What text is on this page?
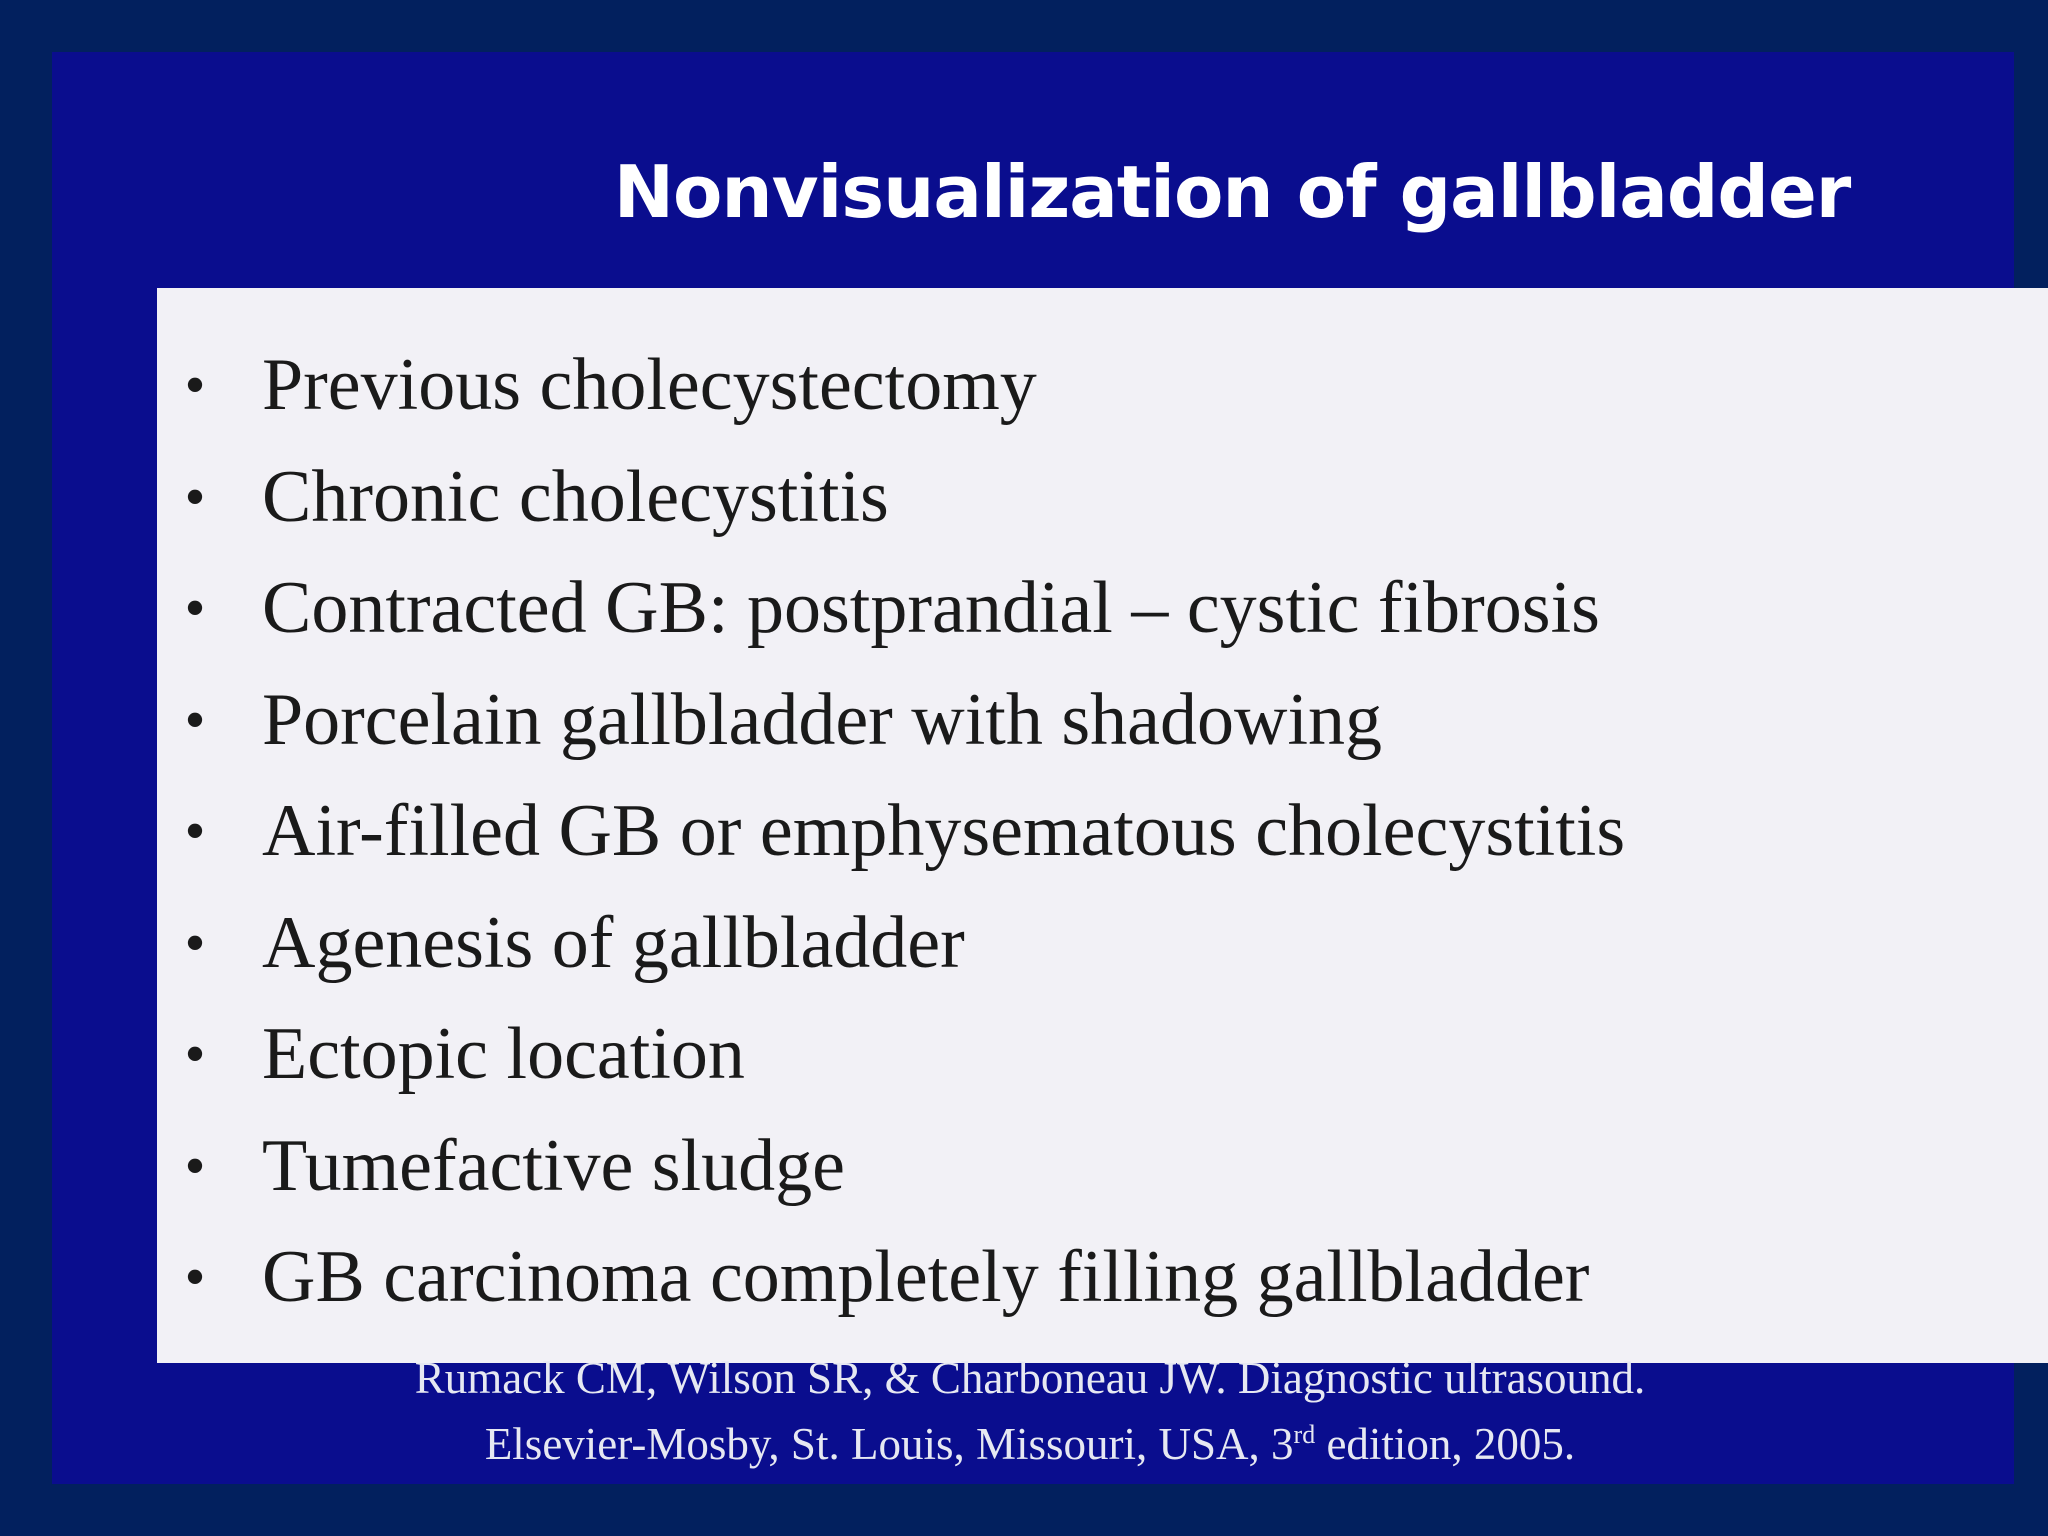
Nonvisualization of gallbladder
• Previous cholecystectomy
• Chronic cholecystitis
• Contracted GB: postprandial – cystic fibrosis
• Porcelain gallbladder with shadowing
• Air-filled GB or emphysematous cholecystitis
• Agenesis of gallbladder
• Ectopic location
• Tumefactive sludge
• GB carcinoma completely filling gallbladder
Rumack CM, Wilson SR, & Charboneau JW. Diagnostic ultrasound.
Elsevier-Mosby, St. Louis, Missouri, USA, 3rd edition, 2005.
